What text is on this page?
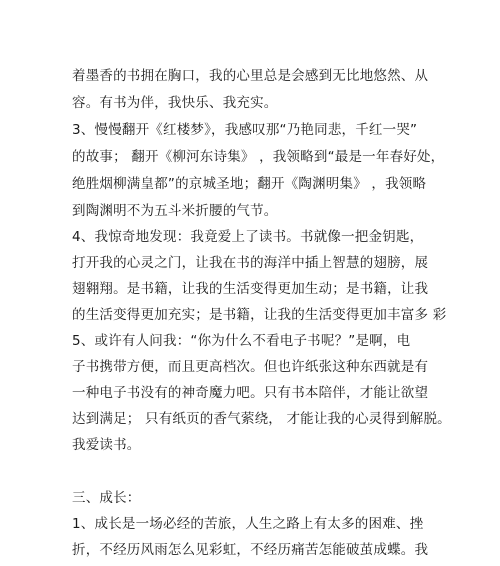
着墨香的书拥在胸口，我的心里总是会感到无比地悠然、从
容。有书为伴，我快乐、我充实。
3、慢慢翻开《红楼梦》，我感叹那“乃艳同悲，千红一哭”
的故事； 翻开《柳河东诗集》 ，我领略到“最是一年春好处，
绝胜烟柳满皇都”的京城圣地；翻开《陶渊明集》 ，我领略
到陶渊明不为五斗米折腰的气节。
4、我惊奇地发现：我竟爱上了读书。书就像一把金钥匙，
打开我的心灵之门，让我在书的海洋中插上智慧的翅膀，展
翅翱翔。是书籍，让我的生活变得更加生动；是书籍，让我
的生活变得更加充实；是书籍，让我的生活变得更加丰富多 彩
5、或许有人问我：“你为什么不看电子书呢？”是啊，电
子书携带方便，而且更高档次。但也许纸张这种东西就是有
一种电子书没有的神奇魔力吧。只有书本陪伴，才能让欲望
达到满足； 只有纸页的香气萦绕， 才能让我的心灵得到解脱。
我爱读书。
三、成长：
1、成长是一场必经的苦旅，人生之路上有太多的困难、挫
折，不经历风雨怎么见彩虹，不经历痛苦怎能破茧成蝶。我
